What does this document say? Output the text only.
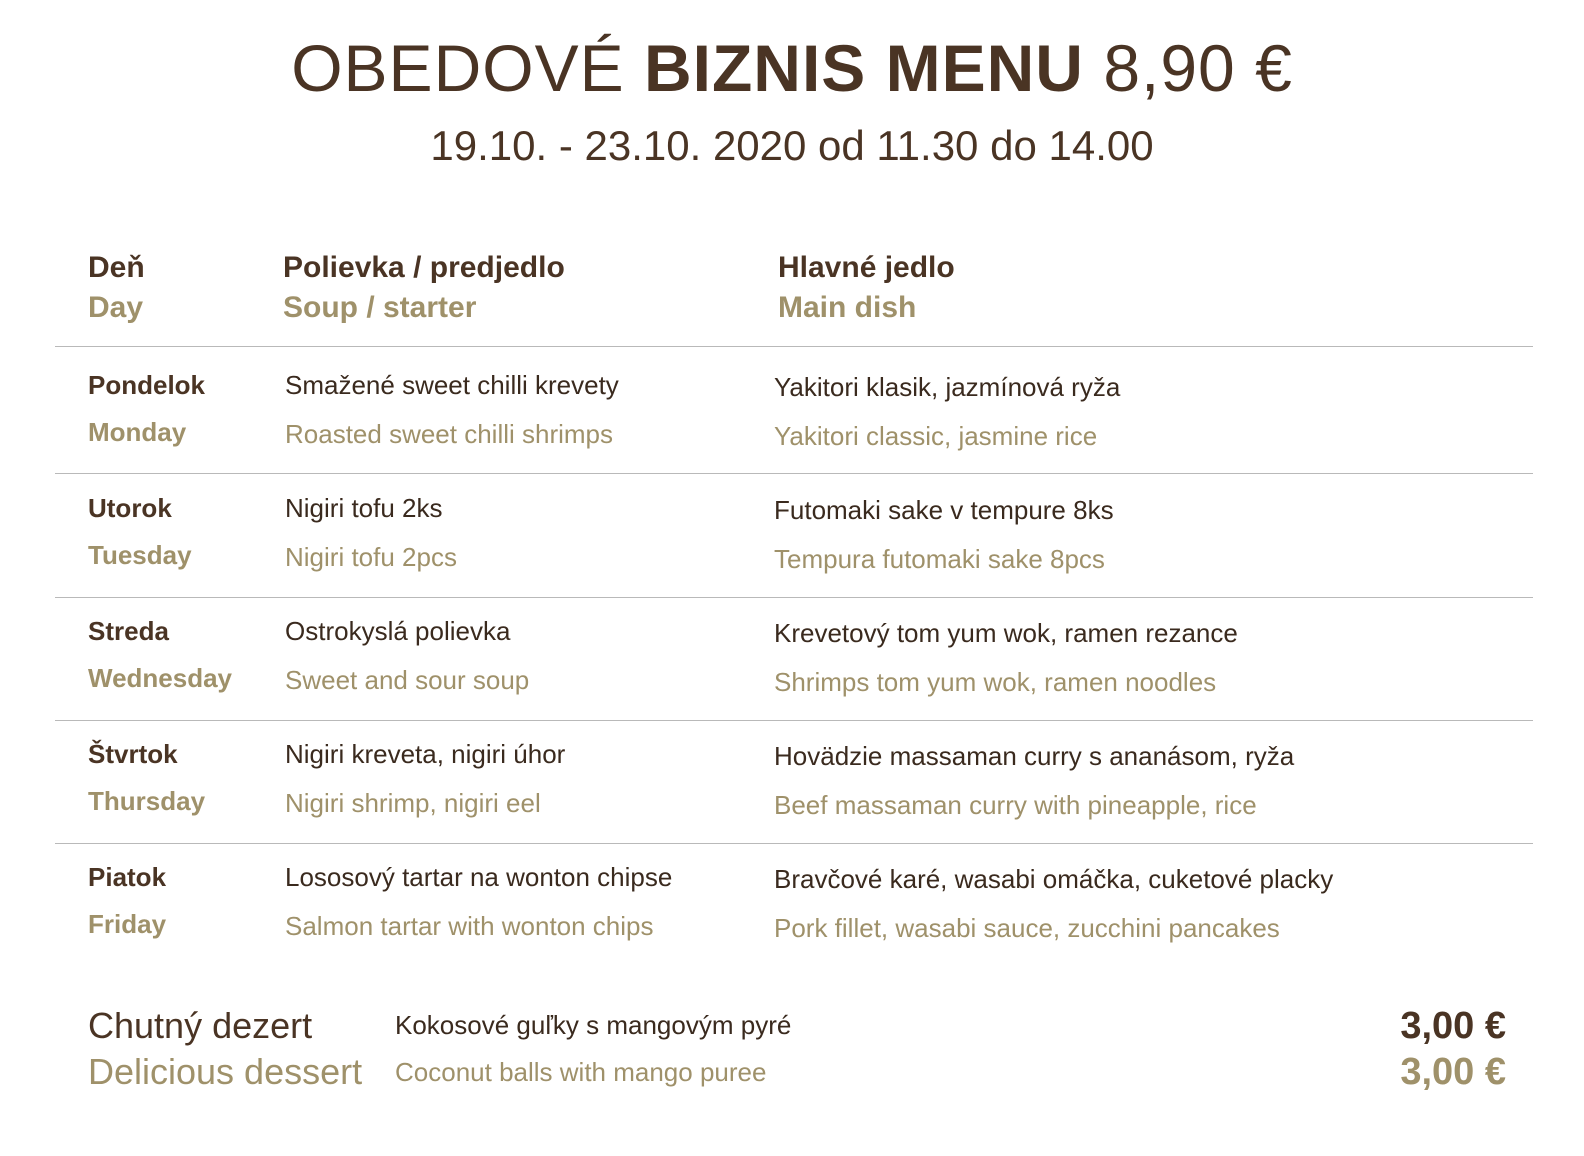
OBEDOVÉ BIZNIS MENU 8,90 €
19.10. - 23.10. 2020 od 11.30 do 14.00
Deň
Day
Polievka / predjedlo
Soup / starter
Hlavné jedlo
Main dish
Pondelok
Monday
Smažené sweet chilli krevety
Roasted sweet chilli shrimps
Yakitori klasik, jazmínová ryža
Yakitori classic, jasmine rice
Utorok
Tuesday
Nigiri tofu 2ks
Nigiri tofu 2pcs
Futomaki sake v tempure 8ks
Tempura futomaki sake 8pcs
Streda
Wednesday
Ostrokyslá polievka
Sweet and sour soup
Krevetový tom yum wok, ramen rezance
Shrimps tom yum wok, ramen noodles
Štvrtok
Thursday
Nigiri kreveta, nigiri úhor
Nigiri shrimp, nigiri eel
Hovädzie massaman curry s ananásom, ryža
Beef massaman curry with pineapple, rice
Piatok
Friday
Lososový tartar na wonton chipse
Salmon tartar with wonton chips
Bravčové karé, wasabi omáčka, cuketové placky
Pork fillet, wasabi sauce, zucchini pancakes
Chutný dezert
Delicious dessert
Kokosové guľky s mangovým pyré
Coconut balls with mango puree
3,00 €
3,00 €
